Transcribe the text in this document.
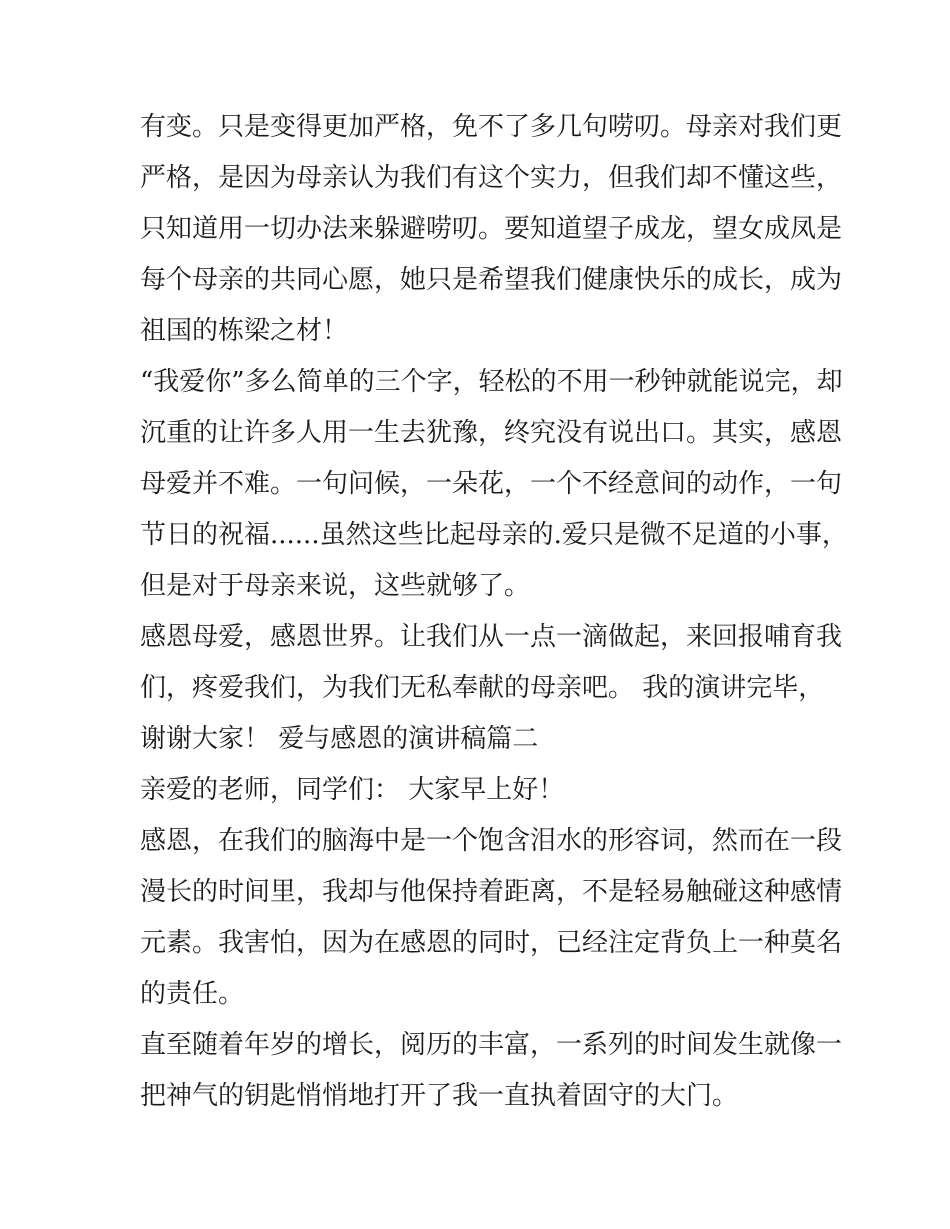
有变。只是变得更加严格，免不了多几句唠叨。母亲对我们更
严格，是因为母亲认为我们有这个实力，但我们却不懂这些，
只知道用一切办法来躲避唠叨。要知道望子成龙，望女成凤是
每个母亲的共同心愿，她只是希望我们健康快乐的成长，成为
祖国的栋梁之材！
“我爱你”多么简单的三个字，轻松的不用一秒钟就能说完，却
沉重的让许多人用一生去犹豫，终究没有说出口。其实，感恩
母爱并不难。一句问候，一朵花，一个不经意间的动作，一句
节日的祝福......虽然这些比起母亲的.爱只是微不足道的小事，
但是对于母亲来说，这些就够了。
感恩母爱，感恩世界。让我们从一点一滴做起，来回报哺育我
们，疼爱我们，为我们无私奉献的母亲吧。 我的演讲完毕，
谢谢大家！ 爱与感恩的演讲稿篇二
亲爱的老师，同学们： 大家早上好！
感恩，在我们的脑海中是一个饱含泪水的形容词，然而在一段
漫长的时间里，我却与他保持着距离，不是轻易触碰这种感情
元素。我害怕，因为在感恩的同时，已经注定背负上一种莫名
的责任。
直至随着年岁的增长，阅历的丰富，一系列的时间发生就像一
把神气的钥匙悄悄地打开了我一直执着固守的大门。
